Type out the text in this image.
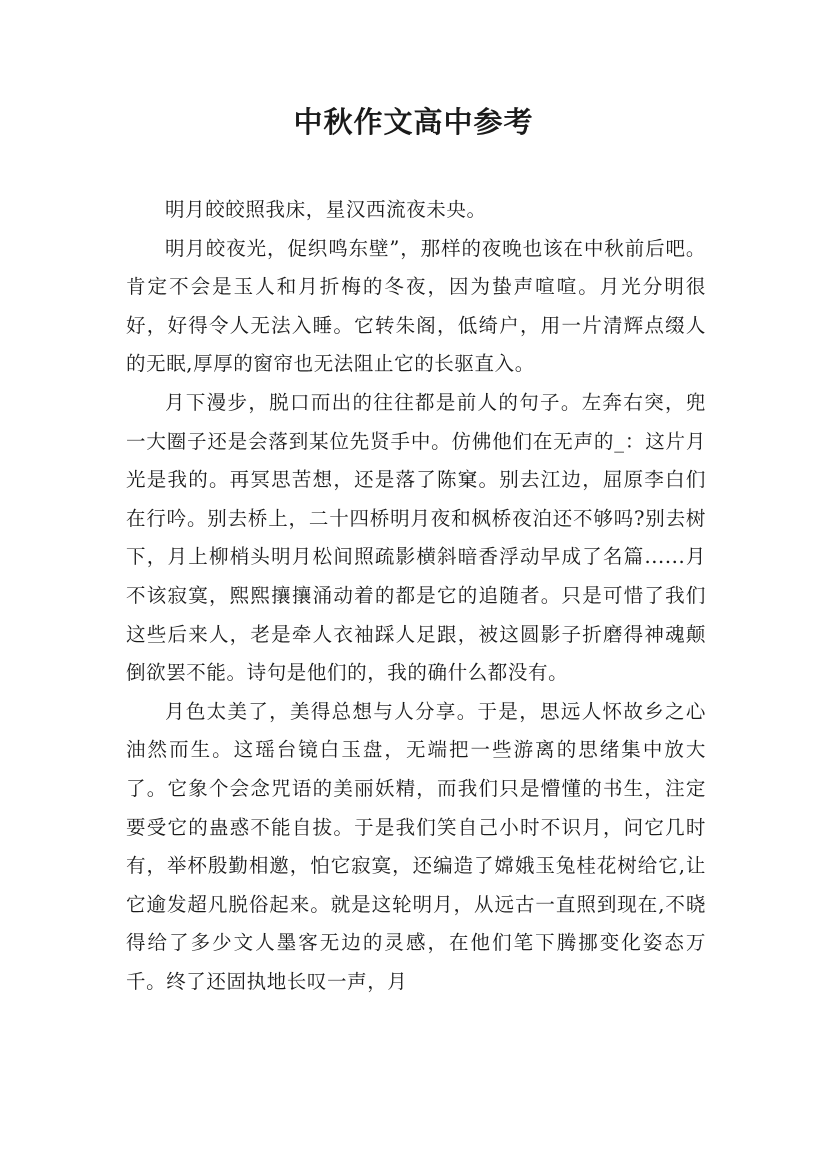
中秋作文高中参考

明月皎皎照我床，星汉西流夜未央。

明月皎夜光，促织鸣东壁”，那样的夜晚也该在中秋前后吧。肯定不会是玉人和月折梅的冬夜，因为蛰声喧喧。月光分明很好，好得令人无法入睡。它转朱阁，低绮户，用一片清辉点缀人的无眠,厚厚的窗帘也无法阻止它的长驱直入。

月下漫步，脱口而出的往往都是前人的句子。左奔右突，兜一大圈子还是会落到某位先贤手中。仿佛他们在无声的_：这片月光是我的。再冥思苦想，还是落了陈窠。别去江边，屈原李白们在行吟。别去桥上，二十四桥明月夜和枫桥夜泊还不够吗?别去树下，月上柳梢头明月松间照疏影横斜暗香浮动早成了名篇......月不该寂寞，熙熙攘攘涌动着的都是它的追随者。只是可惜了我们这些后来人，老是牵人衣袖踩人足跟，被这圆影子折磨得神魂颠倒欲罢不能。诗句是他们的，我的确什么都没有。

月色太美了，美得总想与人分享。于是，思远人怀故乡之心油然而生。这瑶台镜白玉盘，无端把一些游离的思绪集中放大了。它象个会念咒语的美丽妖精，而我们只是懵懂的书生，注定要受它的蛊惑不能自拔。于是我们笑自己小时不识月，问它几时有，举杯殷勤相邀，怕它寂寞，还编造了嫦娥玉兔桂花树给它,让它逾发超凡脱俗起来。就是这轮明月，从远古一直照到现在,不晓得给了多少文人墨客无边的灵感，在他们笔下腾挪变化姿态万千。终了还固执地长叹一声，月
